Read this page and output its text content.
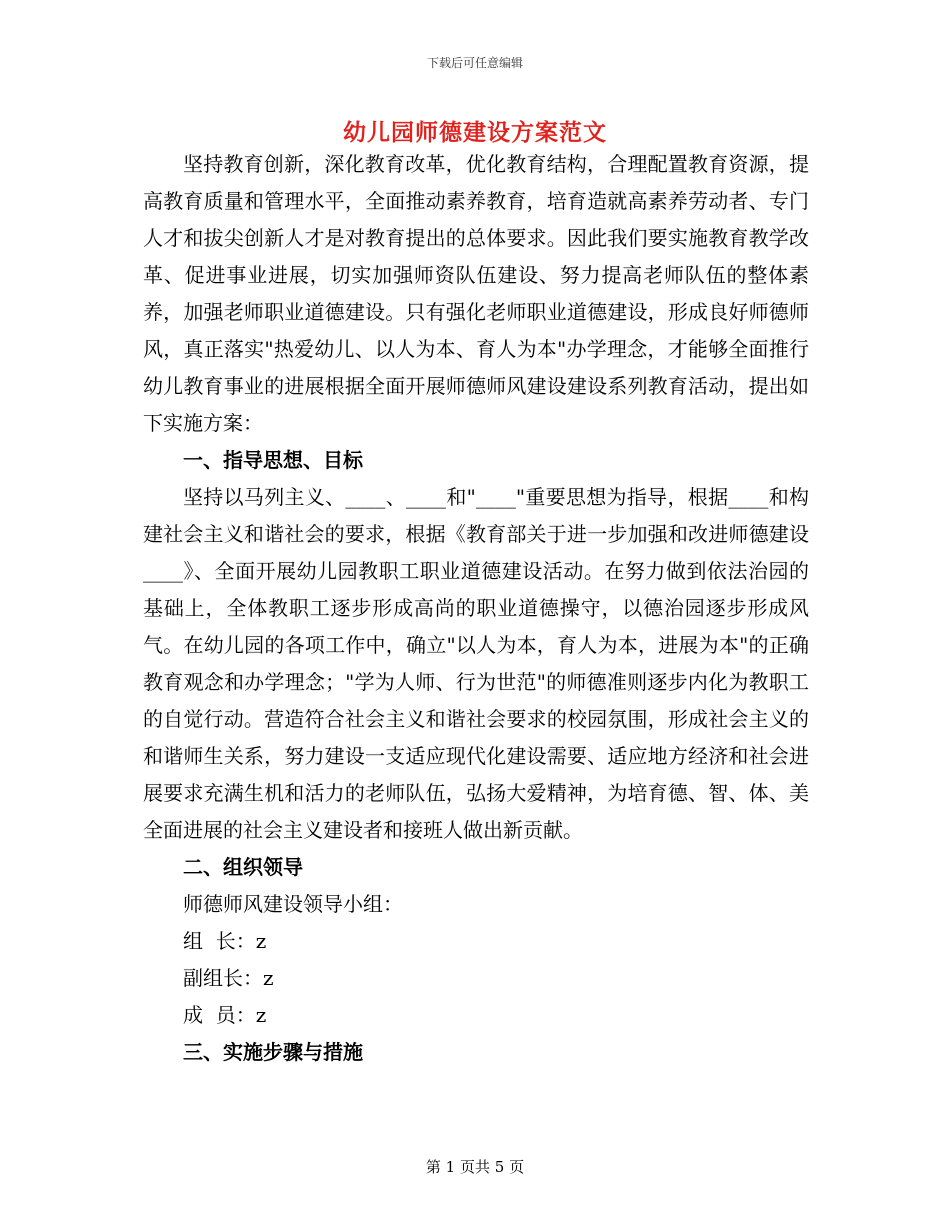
下载后可任意编辑
幼儿园师德建设方案范文

坚持教育创新，深化教育改革，优化教育结构，合理配置教育资源，提高教育质量和管理水平，全面推动素养教育，培育造就高素养劳动者、专门人才和拔尖创新人才是对教育提出的总体要求。因此我们要实施教育教学改革、促进事业进展，切实加强师资队伍建设、努力提高老师队伍的整体素养，加强老师职业道德建设。只有强化老师职业道德建设，形成良好师德师风，真正落实"热爱幼儿、以人为本、育人为本"办学理念，才能够全面推行幼儿教育事业的进展根据全面开展师德师风建设建设系列教育活动，提出如下实施方案：

一、指导思想、目标

坚持以马列主义、____、____和"____"重要思想为指导，根据____和构建社会主义和谐社会的要求，根据《教育部关于进一步加强和改进师德建设____》、全面开展幼儿园教职工职业道德建设活动。在努力做到依法治园的基础上，全体教职工逐步形成高尚的职业道德操守，以德治园逐步形成风气。在幼儿园的各项工作中，确立"以人为本，育人为本，进展为本"的正确教育观念和办学理念；"学为人师、行为世范"的师德准则逐步内化为教职工的自觉行动。营造符合社会主义和谐社会要求的校园氛围，形成社会主义的和谐师生关系，努力建设一支适应现代化建设需要、适应地方经济和社会进展要求充满生机和活力的老师队伍，弘扬大爱精神，为培育德、智、体、美全面进展的社会主义建设者和接班人做出新贡献。

二、组织领导
师德师风建设领导小组：
组  长：z
副组长：z
成  员：z
三、实施步骤与措施
第 1 页共 5 页
